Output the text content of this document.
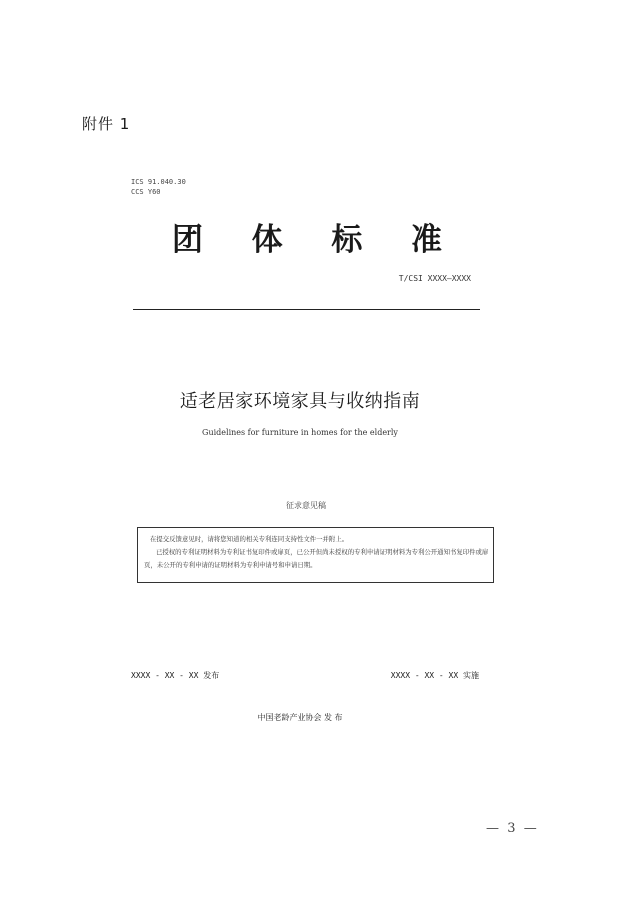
附件 1
ICS 91.040.30
CCS Y60
团 体 标 准
T/CSI XXXX—XXXX
适老居家环境家具与收纳指南
Guidelines for furniture in homes for the elderly
征求意见稿
在提交反馈意见时，请将您知道的相关专利连同支持性文件一并附上。
已授权的专利证明材料为专利证书复印件或扉页，已公开但尚未授权的专利申请证明材料为专利公开通知书复印件或扉页，未公开的专利申请的证明材料为专利申请号和申请日期。
XXXX - XX - XX 发布	XXXX - XX - XX 实施
中国老龄产业协会 发 布
—  3  —
